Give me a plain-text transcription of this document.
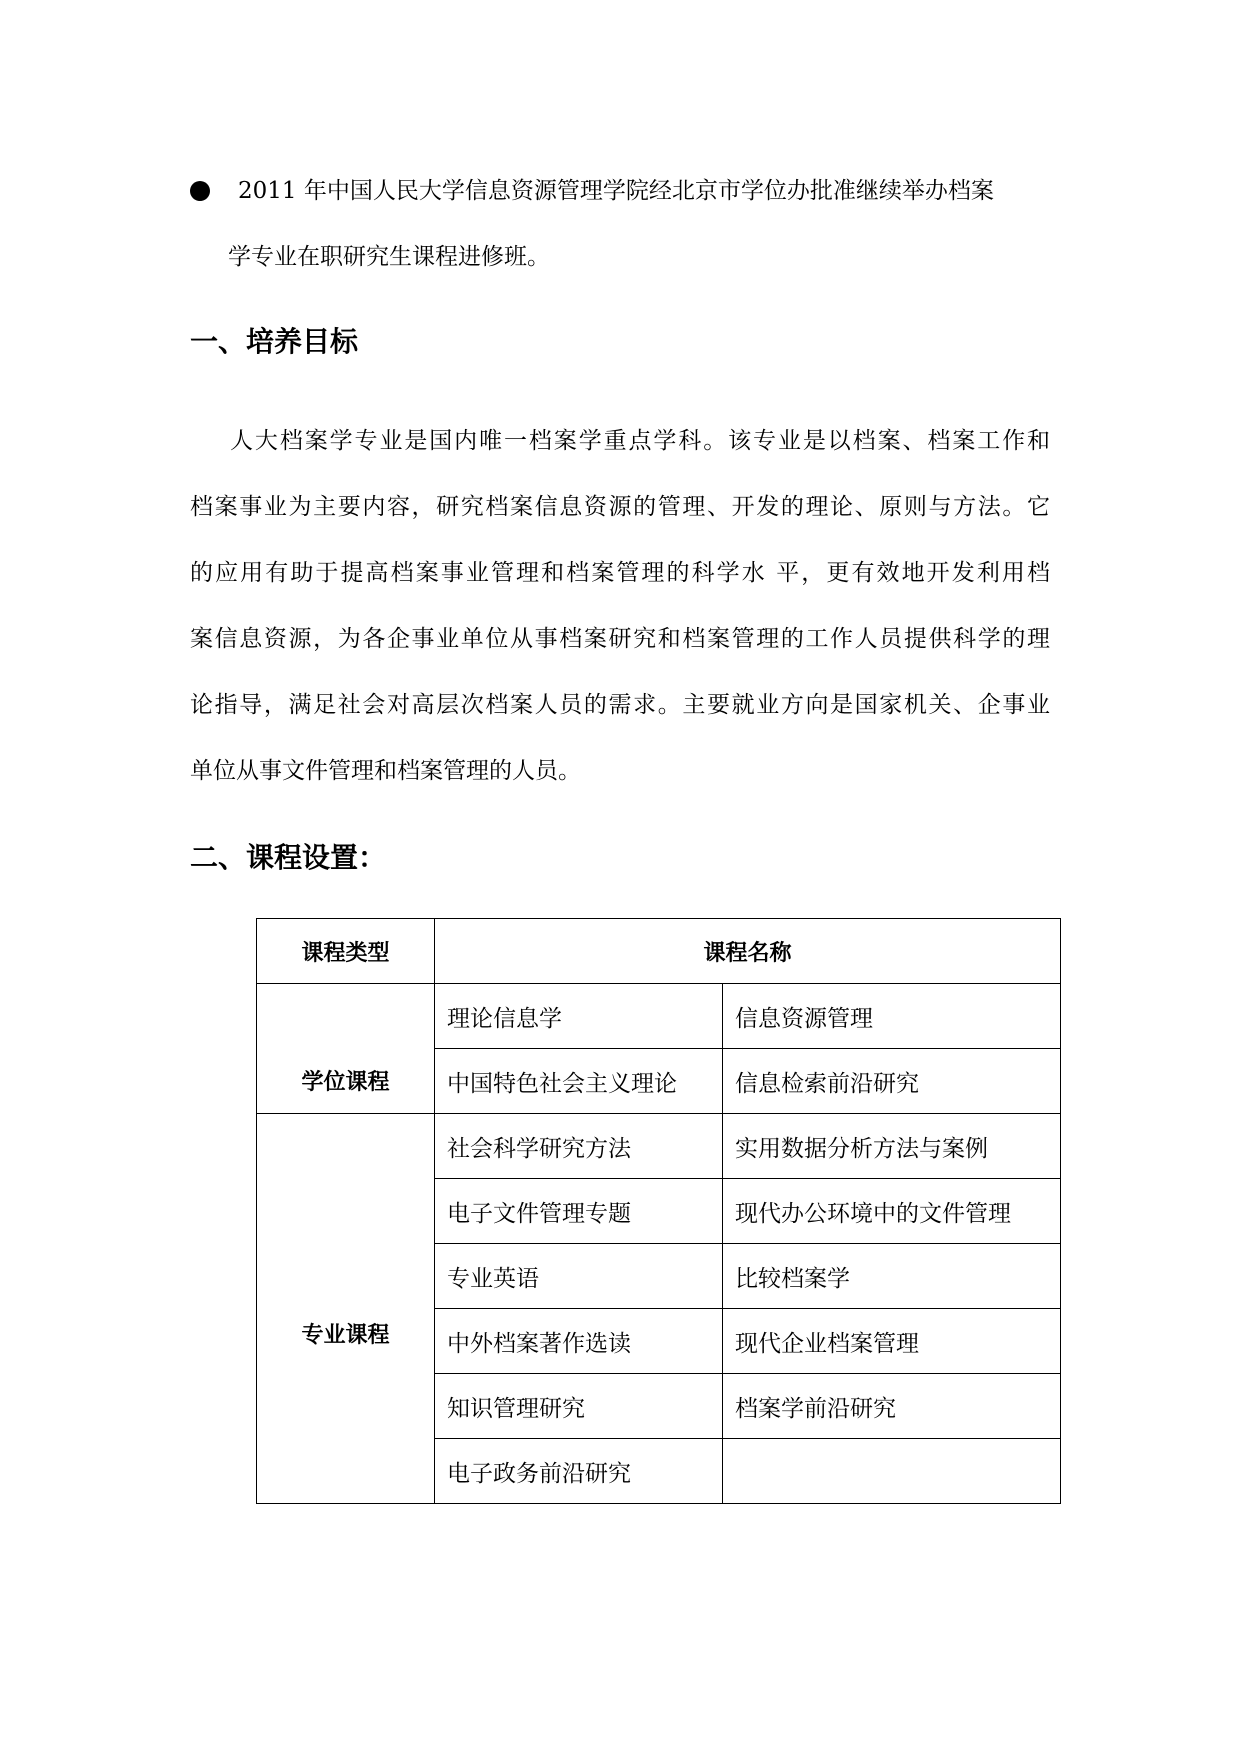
2011 年中国人民大学信息资源管理学院经北京市学位办批准继续举办档案
学专业在职研究生课程进修班。
一、培养目标
人大档案学专业是国内唯一档案学重点学科。该专业是以档案、档案工作和
档案事业为主要内容，研究档案信息资源的管理、开发的理论、原则与方法。它
的应用有助于提高档案事业管理和档案管理的科学水 平，更有效地开发利用档
案信息资源，为各企事业单位从事档案研究和档案管理的工作人员提供科学的理
论指导，满足社会对高层次档案人员的需求。主要就业方向是国家机关、企事业
单位从事文件管理和档案管理的人员。
二、课程设置：
课程类型	课程名称	

学位课程	理论信息学	信息资源管理
	中国特色社会主义理论	信息检索前沿研究

专业课程	社会科学研究方法	实用数据分析方法与案例
	电子文件管理专题	现代办公环境中的文件管理
	专业英语	比较档案学
	中外档案著作选读	现代企业档案管理
	知识管理研究	档案学前沿研究
	电子政务前沿研究	
